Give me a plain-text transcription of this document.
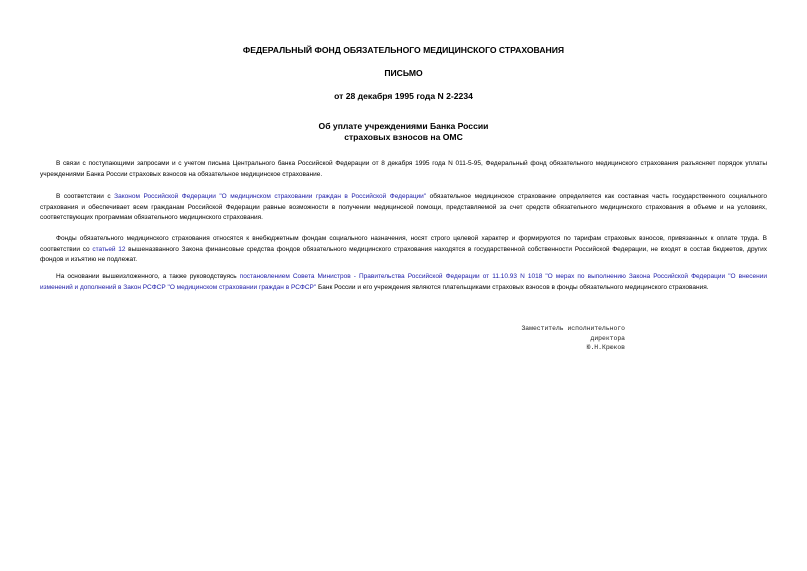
ФЕДЕРАЛЬНЫЙ ФОНД ОБЯЗАТЕЛЬНОГО МЕДИЦИНСКОГО СТРАХОВАНИЯ
ПИСЬМО
от 28 декабря 1995 года N 2-2234
Об уплате учреждениями Банка России
страховых взносов на ОМС

В связи с поступающими запросами и с учетом письма Центрального банка Российской Федерации от 8 декабря 1995 года N 011-5-95, Федеральный фонд обязательного медицинского страхования разъясняет порядок уплаты учреждениями Банка России страховых взносов на обязательное медицинское страхование.

В соответствии с Законом Российской Федерации "О медицинском страховании граждан в Российской Федерации" обязательное медицинское страхование определяется как составная часть государственного социального страхования и обеспечивает всем гражданам Российской Федерации равные возможности в получении медицинской помощи, представляемой за счет средств обязательного медицинского страхования в объеме и на условиях, соответствующих программам обязательного медицинского страхования.

Фонды обязательного медицинского страхования относятся к внебюджетным фондам социального назначения, носят строго целевой характер и формируются по тарифам страховых взносов, привязанных к оплате труда. В соответствии со статьей 12 вышеназванного Закона финансовые средства фондов обязательного медицинского страхования находятся в государственной собственности Российской Федерации, не входят в состав бюджетов, других фондов и изъятию не подлежат.

На основании вышеизложенного, а также руководствуясь постановлением Совета Министров - Правительства Российской Федерации от 11.10.93 N 1018 "О мерах по выполнению Закона Российской Федерации "О внесении изменений и дополнений в Закон РСФСР "О медицинском страховании граждан в РСФСР" Банк России и его учреждения являются плательщиками страховых взносов в фонды обязательного медицинского страхования.

Заместитель исполнительного
директора
Ю.Н.Крюков
